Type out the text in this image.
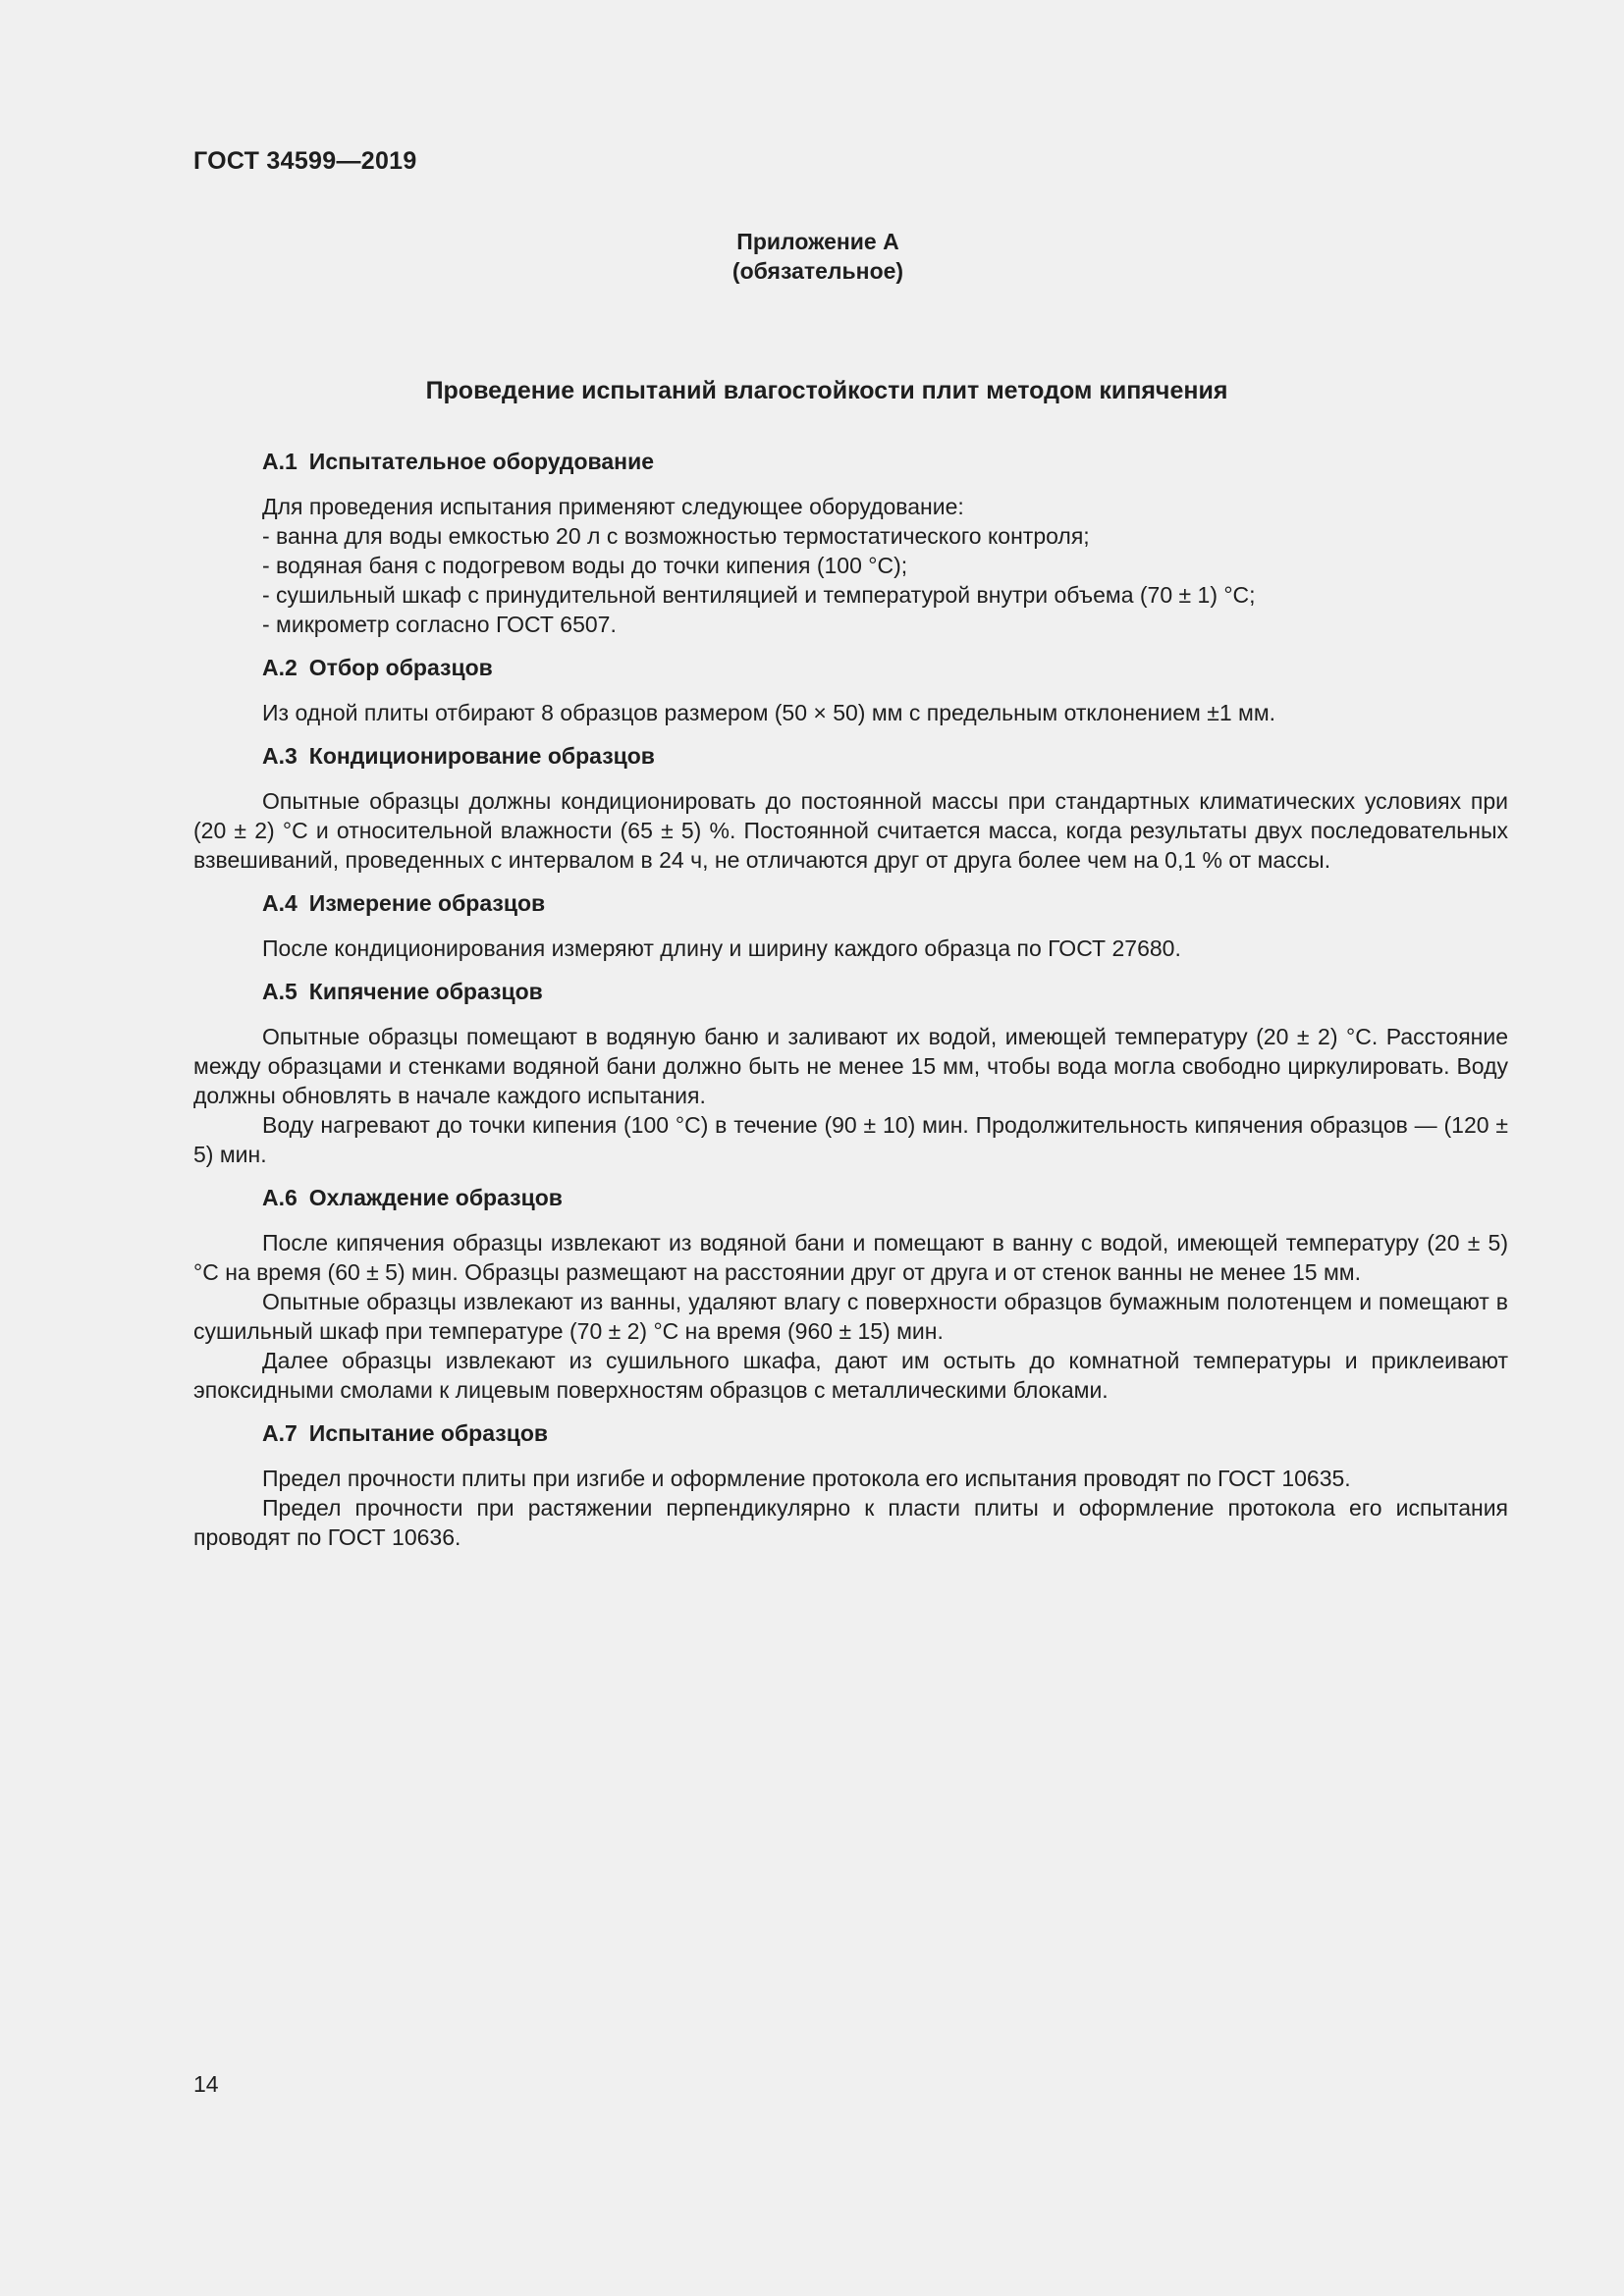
ГОСТ 34599—2019
Приложение А
(обязательное)
Проведение испытаний влагостойкости плит методом кипячения

А.1 Испытательное оборудование

Для проведения испытания применяют следующее оборудование:

- ванна для воды емкостью 20 л с возможностью термостатического контроля;

- водяная баня с подогревом воды до точки кипения (100 °С);

- сушильный шкаф с принудительной вентиляцией и температурой внутри объема (70 ± 1) °С;

- микрометр согласно ГОСТ 6507.

А.2 Отбор образцов

Из одной плиты отбирают 8 образцов размером (50 × 50) мм с предельным отклонением ±1 мм.

А.3 Кондиционирование образцов

Опытные образцы должны кондиционировать до постоянной массы при стандартных климатических условиях при (20 ± 2) °С и относительной влажности (65 ± 5) %. Постоянной считается масса, когда результаты двух последовательных взвешиваний, проведенных с интервалом в 24 ч, не отличаются друг от друга более чем на 0,1 % от массы.

А.4 Измерение образцов

После кондиционирования измеряют длину и ширину каждого образца по ГОСТ 27680.

А.5 Кипячение образцов

Опытные образцы помещают в водяную баню и заливают их водой, имеющей температуру (20 ± 2) °С. Расстояние между образцами и стенками водяной бани должно быть не менее 15 мм, чтобы вода могла свободно циркулировать. Воду должны обновлять в начале каждого испытания.

Воду нагревают до точки кипения (100 °С) в течение (90 ± 10) мин. Продолжительность кипячения образцов — (120 ± 5) мин.

А.6 Охлаждение образцов

После кипячения образцы извлекают из водяной бани и помещают в ванну с водой, имеющей температуру (20 ± 5) °С на время (60 ± 5) мин. Образцы размещают на расстоянии друг от друга и от стенок ванны не менее 15 мм.

Опытные образцы извлекают из ванны, удаляют влагу с поверхности образцов бумажным полотенцем и помещают в сушильный шкаф при температуре (70 ± 2) °С на время (960 ± 15) мин.

Далее образцы извлекают из сушильного шкафа, дают им остыть до комнатной температуры и приклеивают эпоксидными смолами к лицевым поверхностям образцов с металлическими блоками.

А.7 Испытание образцов

Предел прочности плиты при изгибе и оформление протокола его испытания проводят по ГОСТ 10635.

Предел прочности при растяжении перпендикулярно к пласти плиты и оформление протокола его испытания проводят по ГОСТ 10636.

14
